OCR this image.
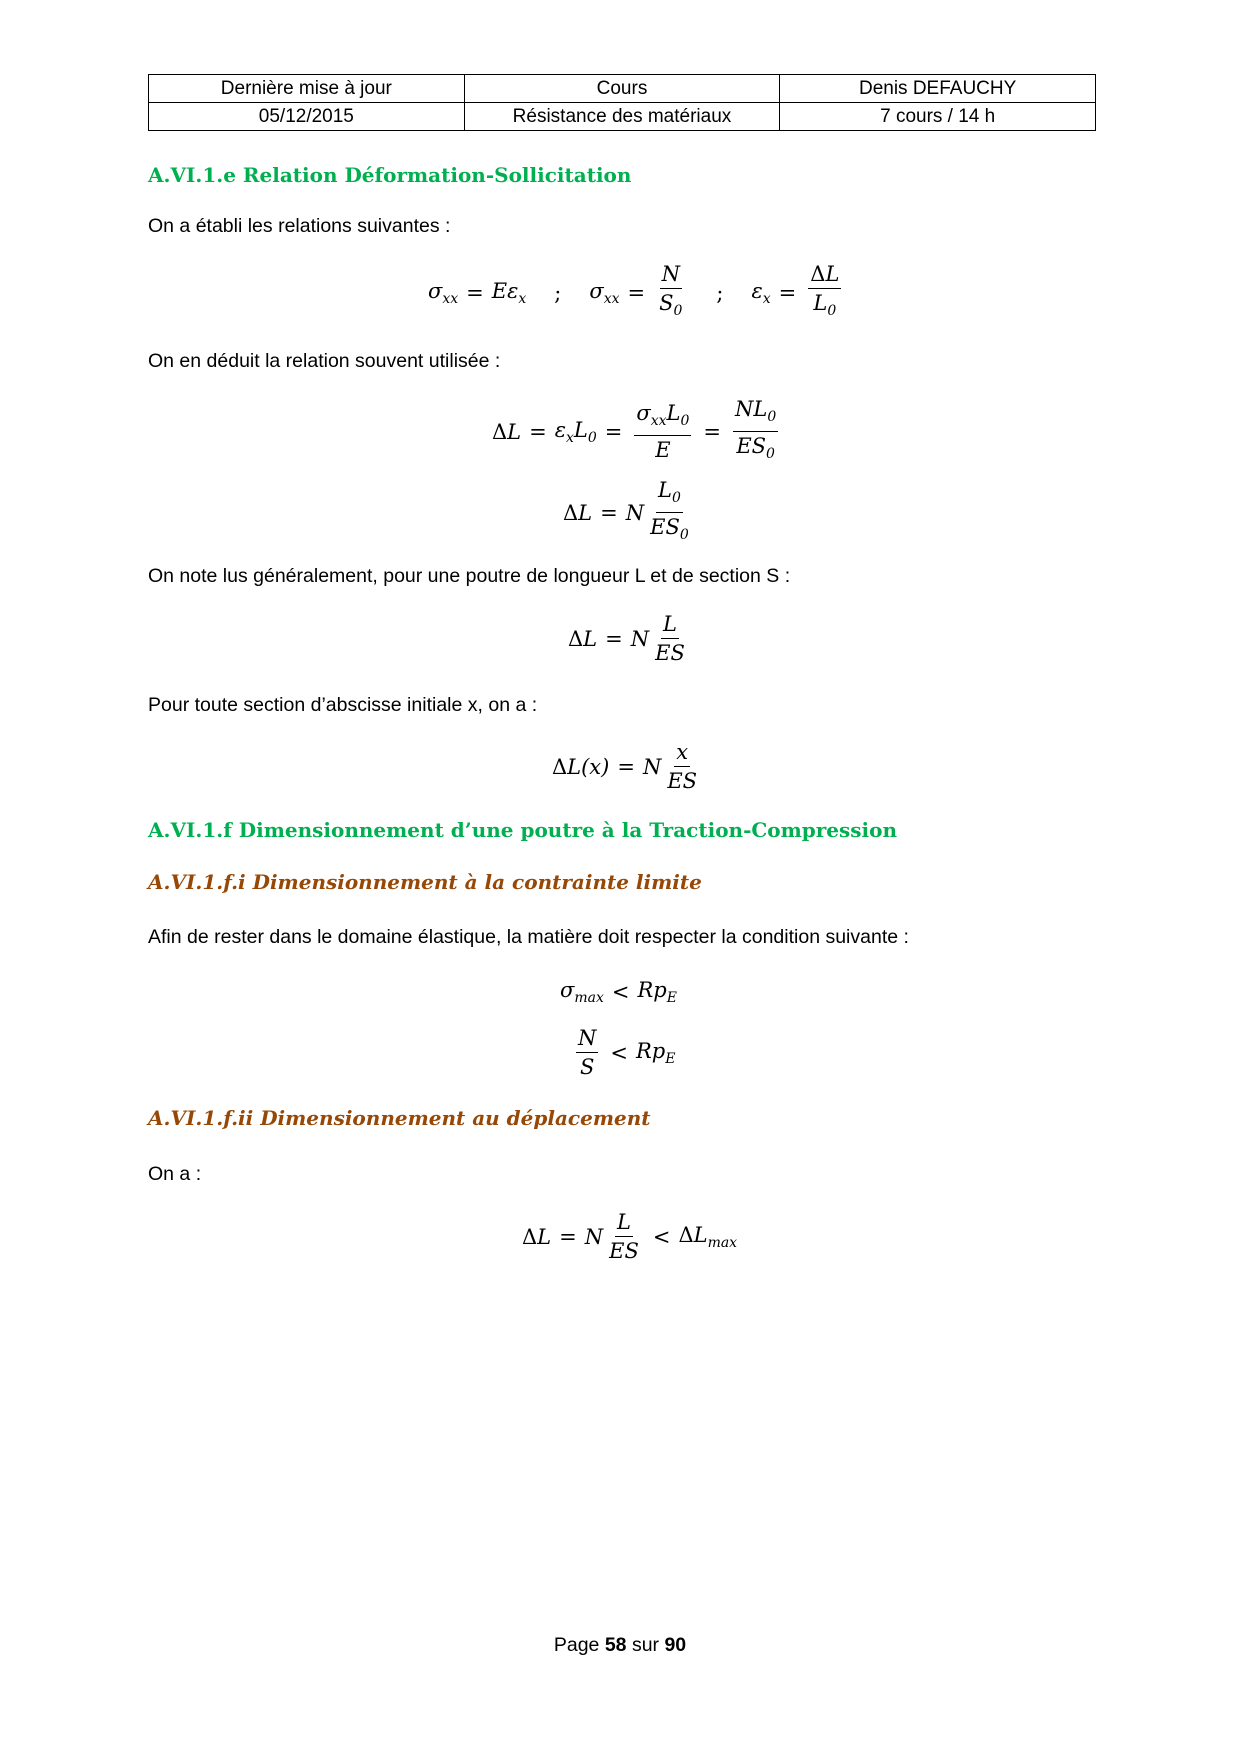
Dernière mise à jour	Cours	Denis DEFAUCHY
05/12/2015	Résistance des matériaux	7 cours / 14 h
A.VI.1.e Relation Déformation-Sollicitation
On a établi les relations suivantes :
$\sigma_{xx} = E\varepsilon_x$ ; $\sigma_{xx} = \frac{N}{S_0}$ ; $\varepsilon_x = \frac{\Delta L}{L_0}$
On en déduit la relation souvent utilisée :
$\Delta L = \varepsilon_xL_0 = \frac{\sigma_{xx}L_0}{E} = \frac{NL_0}{ES_0}$
ΔL = N $\frac{L_0}{ES_0}$
On note lus généralement, pour une poutre de longueur L et de section S :
ΔL = N $\frac{L}{ES}$
Pour toute section d’abscisse initiale x, on a :
ΔL(x) = N $\frac{x}{ES}$
A.VI.1.f Dimensionnement d’une poutre à la Traction-Compression
A.VI.1.f.i Dimensionnement à la contrainte limite
Afin de rester dans le domaine élastique, la matière doit respecter la condition suivante :
$\sigma_{max} < Rp_E$
$\frac{N}{S} < Rp_E$
A.VI.1.f.ii Dimensionnement au déplacement
On a :
ΔL = N $\frac{L}{ES} < \Delta L_{max}$
Page 58 sur 90
